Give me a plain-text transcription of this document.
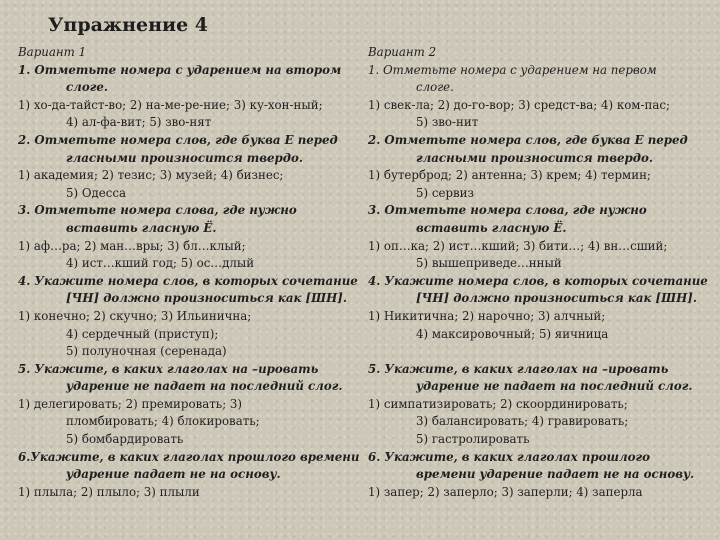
Упражнение 4

Вариант 1

1. Отметьте номера с ударением на втором

слоге.

1) хо-да-тайст-во; 2) на-ме-ре-ние; 3) ку-хон-ный;

4) ал-фа-вит; 5) зво-нят

2. Отметьте номера слов, где буква Е перед

гласными произносится твердо.

1) академия; 2) тезис; 3) музей; 4) бизнес;

5) Одесса

3. Отметьте номера слова, где нужно

вставить гласную Ё.

1) аф…ра; 2) ман…вры; 3) бл…клый;

4) ист…кший год; 5) ос…длый

4. Укажите номера слов, в которых сочетание

[ЧН] должно произноситься как [ШН].

1) конечно; 2) скучно; 3) Ильинична;

4) сердечный (приступ);

5) полуночная (серенада)

5. Укажите, в каких глаголах на –ировать

ударение не падает на последний слог.

1) делегировать; 2) премировать; 3)

пломбировать; 4) блокировать;

5) бомбардировать

6.Укажите, в каких глаголах прошлого времени

ударение падает не на основу.

1) плыла; 2) плыло; 3) плыли

Вариант 2

1. Отметьте номера с ударением на первом

слоге.

1) свек-ла; 2) до-го-вор; 3) средст-ва; 4) ком-пас;

5) зво-нит

2. Отметьте номера слов, где буква Е перед

гласными произносится твердо.

1) бутерброд; 2) антенна; 3) крем; 4) термин;

5) сервиз

3. Отметьте номера слова, где нужно

вставить гласную Ё.

1) оп…ка; 2) ист…кший; 3) бити…; 4) вн…сший;

5) вышеприведе…нный

4. Укажите номера слов, в которых сочетание

[ЧН] должно произноситься как [ШН].

1) Никитична; 2) нарочно; 3) алчный;

4) максировочный; 5) яичница

5. Укажите, в каких глаголах на –ировать

ударение не падает на последний слог.

1) симпатизировать; 2) скоординировать;

3) балансировать; 4) гравировать;

5) гастролировать

6. Укажите, в каких глаголах прошлого

времени ударение падает не на основу.

1) запер; 2) заперло; 3) заперли; 4) заперла
